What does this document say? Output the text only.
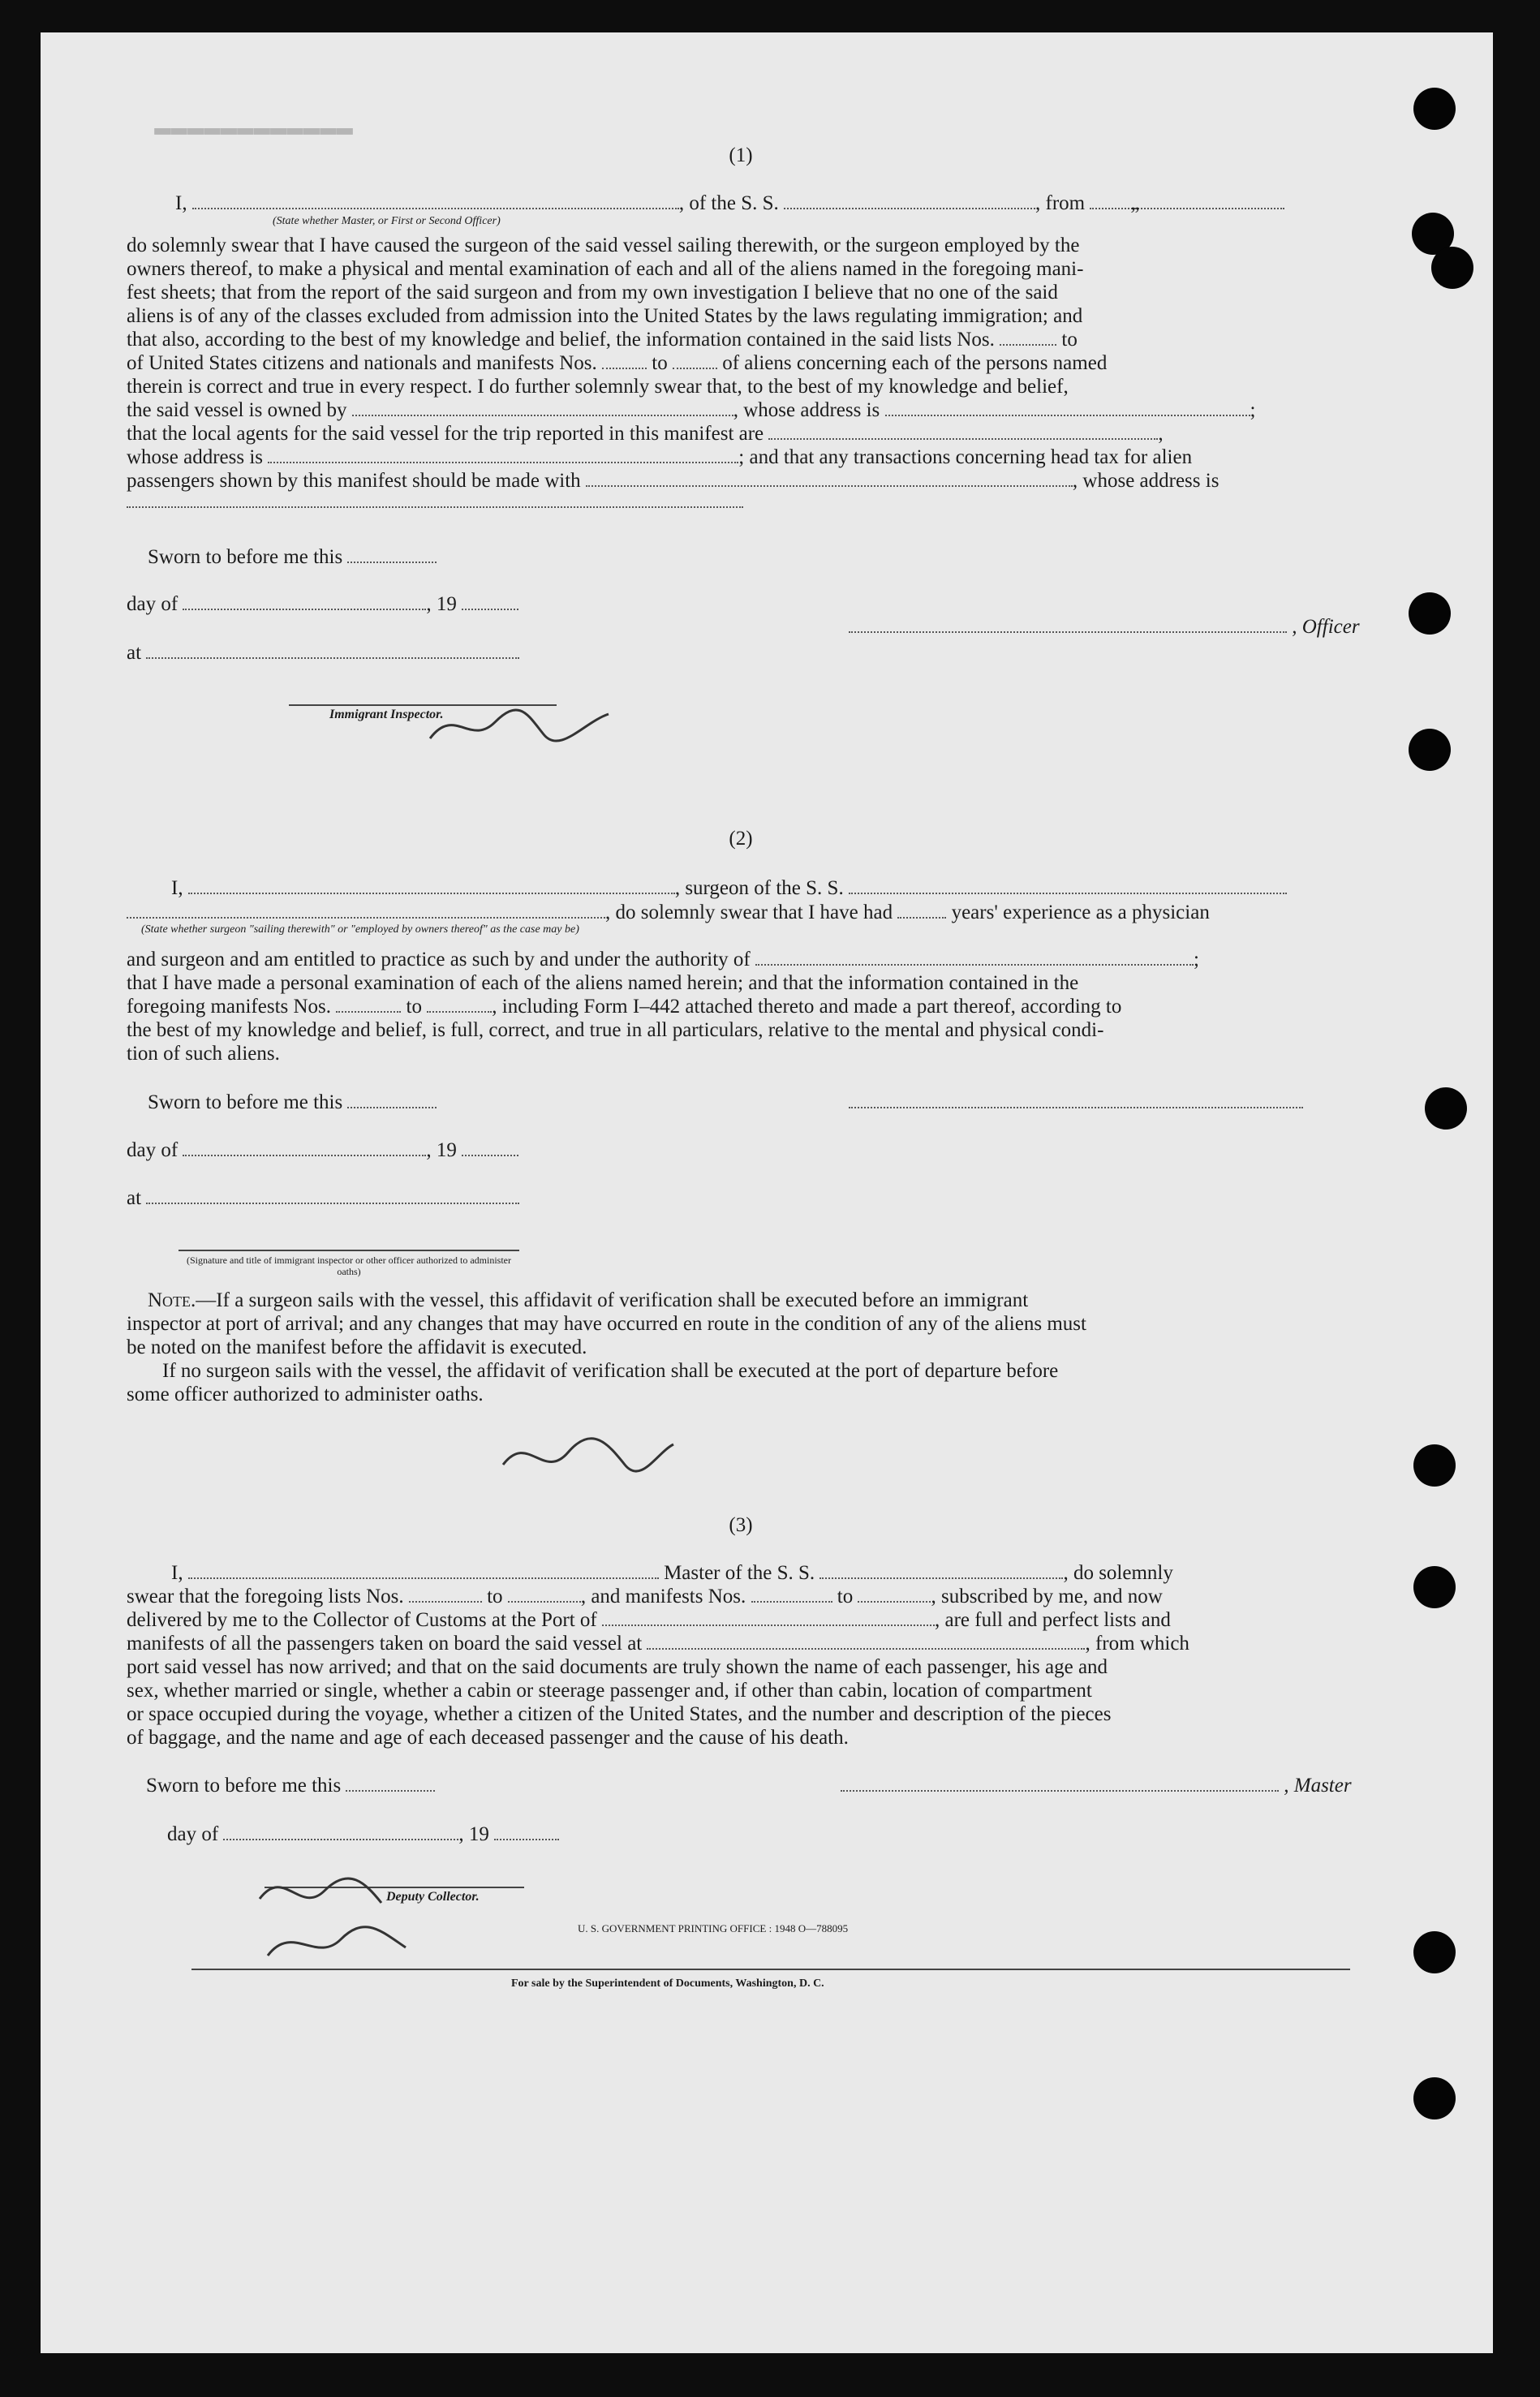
▬▬▬▬▬▬▬▬▬▬▬▬
(1)
I,	, of the S. S.	, from „
(State whether Master, or First or Second Officer)
do solemnly swear that I have caused the surgeon of the said vessel sailing therewith, or the surgeon employed by the
owners thereof, to make a physical and mental examination of each and all of the aliens named in the foregoing mani-
fest sheets; that from the report of the said surgeon and from my own investigation I believe that no one of the said
aliens is of any of the classes excluded from admission into the United States by the laws regulating immigration; and
that also, according to the best of my knowledge and belief, the information contained in the said lists Nos.	to
of United States citizens and nationals and manifests Nos.	to	of aliens concerning each of the persons named
therein is correct and true in every respect. I do further solemnly swear that, to the best of my knowledge and belief,
the said vessel is owned by	, whose address is	;
that the local agents for the said vessel for the trip reported in this manifest are	,
whose address is	; and that any transactions concerning head tax for alien
passengers shown by this manifest should be made with	, whose address is
Sworn to before me this
day of	, 19
at
, Officer
Immigrant Inspector.
(2)
I,	, surgeon of the S. S.
, do solemnly swear that I have had	years' experience as a physician
(State whether surgeon "sailing therewith" or "employed by owners thereof" as the case may be)
and surgeon and am entitled to practice as such by and under the authority of	;
that I have made a personal examination of each of the aliens named herein; and that the information contained in the
foregoing manifests Nos.	to	, including Form I–442 attached thereto and made a part thereof, according to
the best of my knowledge and belief, is full, correct, and true in all particulars, relative to the mental and physical condi-
tion of such aliens.
Sworn to before me this
day of	, 19
at
(Signature and title of immigrant inspector or other officer authorized to administer oaths)
Note.—If a surgeon sails with the vessel, this affidavit of verification shall be executed before an immigrant
inspector at port of arrival; and any changes that may have occurred en route in the condition of any of the aliens must
be noted on the manifest before the affidavit is executed.
If no surgeon sails with the vessel, the affidavit of verification shall be executed at the port of departure before
some officer authorized to administer oaths.
(3)
I,	Master of the S. S.	, do solemnly
swear that the foregoing lists Nos.	to	, and manifests Nos.	to	, subscribed by me, and now
delivered by me to the Collector of Customs at the Port of	, are full and perfect lists and
manifests of all the passengers taken on board the said vessel at	, from which
port said vessel has now arrived; and that on the said documents are truly shown the name of each passenger, his age and
sex, whether married or single, whether a cabin or steerage passenger and, if other than cabin, location of compartment
or space occupied during the voyage, whether a citizen of the United States, and the number and description of the pieces
of baggage, and the name and age of each deceased passenger and the cause of his death.
Sworn to before me this	, Master
day of	, 19
Deputy Collector.
U. S. GOVERNMENT PRINTING OFFICE : 1948 O—788095
For sale by the Superintendent of Documents, Washington, D. C.
